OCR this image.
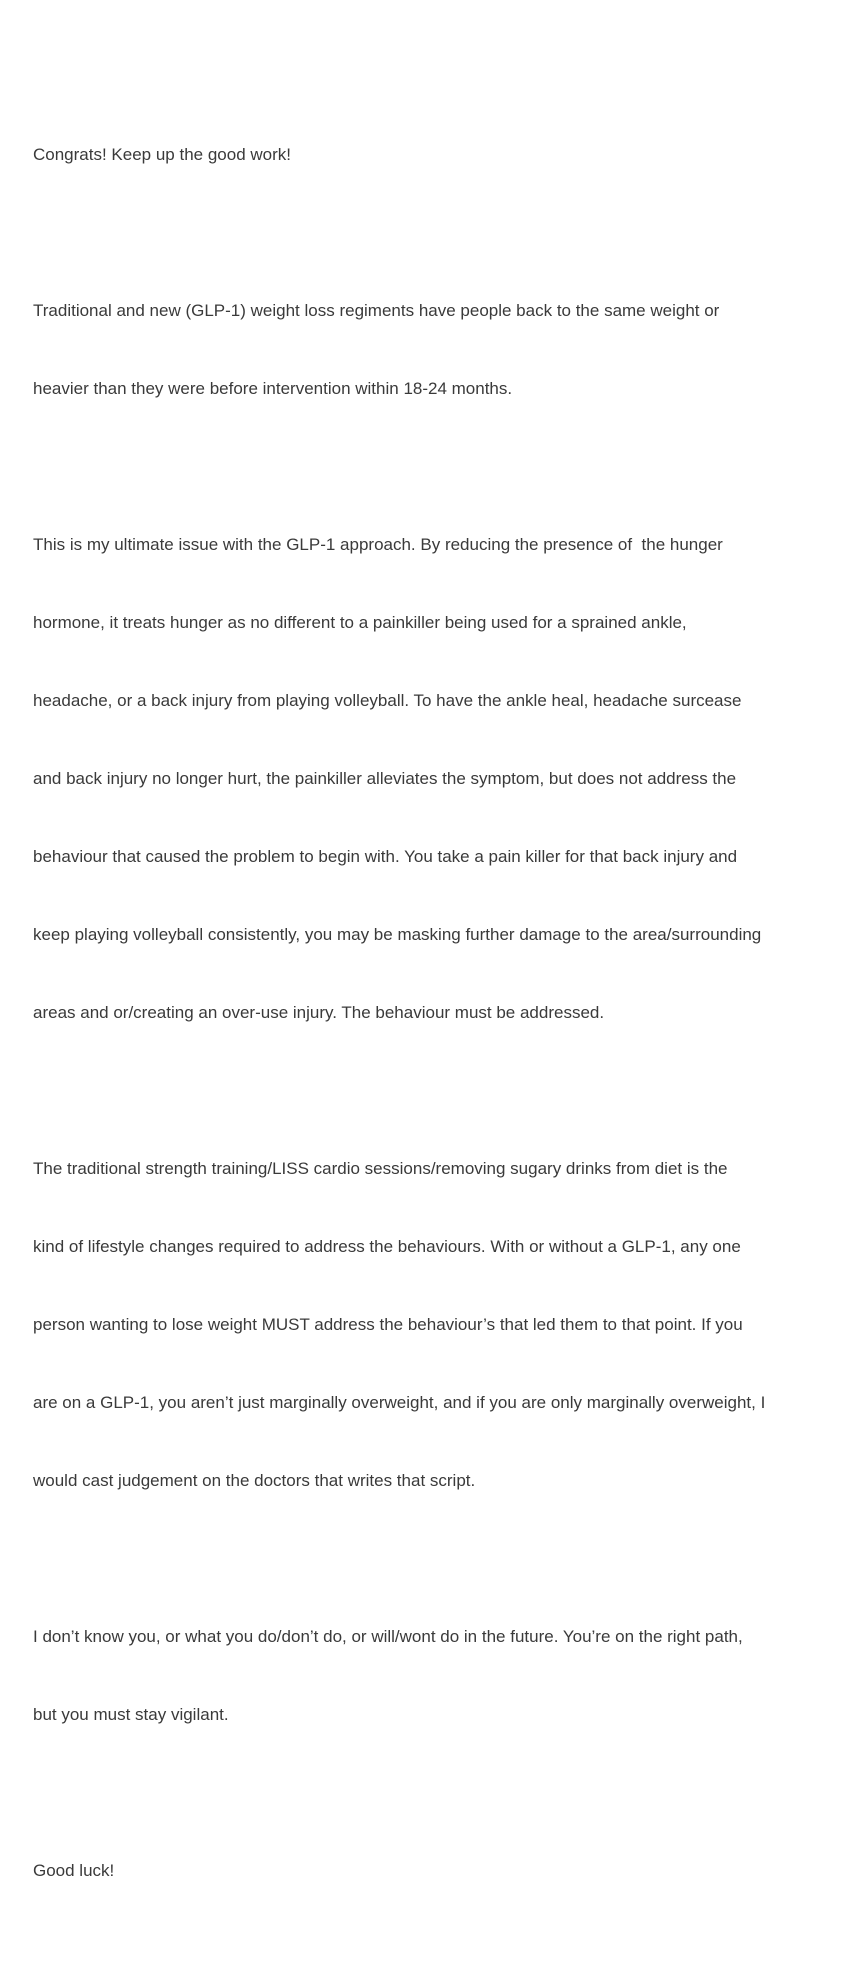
Congrats! Keep up the good work!

Traditional and new (GLP-1) weight loss regiments have people back to the same weight or

heavier than they were before intervention within 18-24 months.

This is my ultimate issue with the GLP-1 approach. By reducing the presence of  the hunger

hormone, it treats hunger as no different to a painkiller being used for a sprained ankle,

headache, or a back injury from playing volleyball. To have the ankle heal, headache surcease

and back injury no longer hurt, the painkiller alleviates the symptom, but does not address the

behaviour that caused the problem to begin with. You take a pain killer for that back injury and

keep playing volleyball consistently, you may be masking further damage to the area/surrounding

areas and or/creating an over-use injury. The behaviour must be addressed.

The traditional strength training/LISS cardio sessions/removing sugary drinks from diet is the

kind of lifestyle changes required to address the behaviours. With or without a GLP-1, any one

person wanting to lose weight MUST address the behaviour’s that led them to that point. If you

are on a GLP-1, you aren’t just marginally overweight, and if you are only marginally overweight, I

would cast judgement on the doctors that writes that script.

I don’t know you, or what you do/don’t do, or will/wont do in the future. You’re on the right path,

but you must stay vigilant.

Good luck!
